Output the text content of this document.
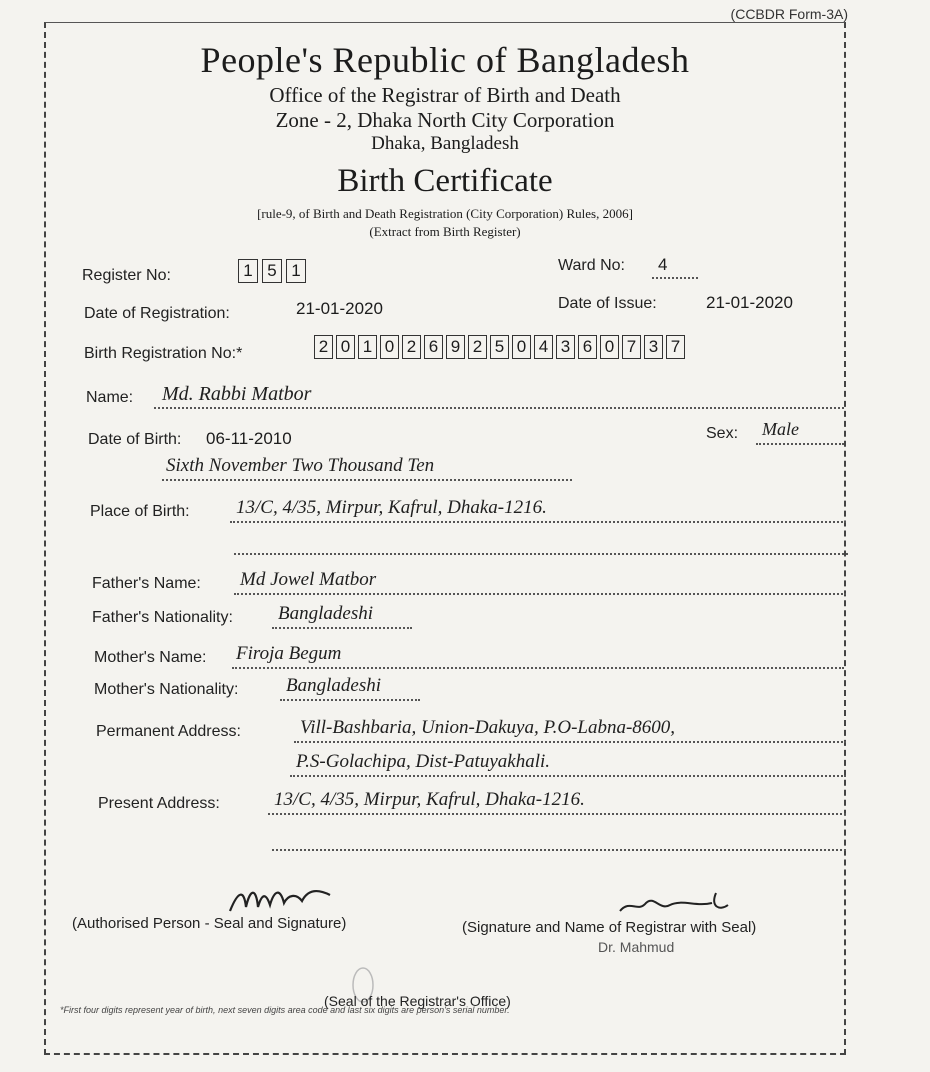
(CCBDR Form-3A)
People's Republic of Bangladesh
Office of the Registrar of Birth and Death
Zone - 2, Dhaka North City Corporation
Dhaka, Bangladesh
Birth Certificate
[rule-9, of Birth and Death Registration (City Corporation) Rules, 2006]
(Extract from Birth Register)
Register No:	1 5 1	Ward No: 4
Date of Registration:	21-01-2020	Date of Issue:	21-01-2020
Birth Registration No:*	2 0 1 0 2 6 9 2 5 0 4 3 6 0 7 3 7
Name: Md. Rabbi Matbor
Date of Birth: 06-11-2010	Sex: Male
Sixth November Two Thousand Ten
Place of Birth: 13/C, 4/35, Mirpur, Kafrul, Dhaka-1216.
Father's Name: Md Jowel Matbor
Father's Nationality: Bangladeshi
Mother's Name: Firoja Begum
Mother's Nationality:	Bangladeshi
Permanent Address:	Vill-Bashbaria, Union-Dakuya, P.O-Labna-8600,
P.S-Golachipa, Dist-Patuyakhali.
Present Address:	13/C, 4/35, Mirpur, Kafrul, Dhaka-1216.
(Authorised Person - Seal and Signature)	(Signature and Name of Registrar with Seal)
Dr. Mahmud
(Seal of the Registrar's Office)
*First four digits represent year of birth, next seven digits area code and last six digits are person's serial number.
